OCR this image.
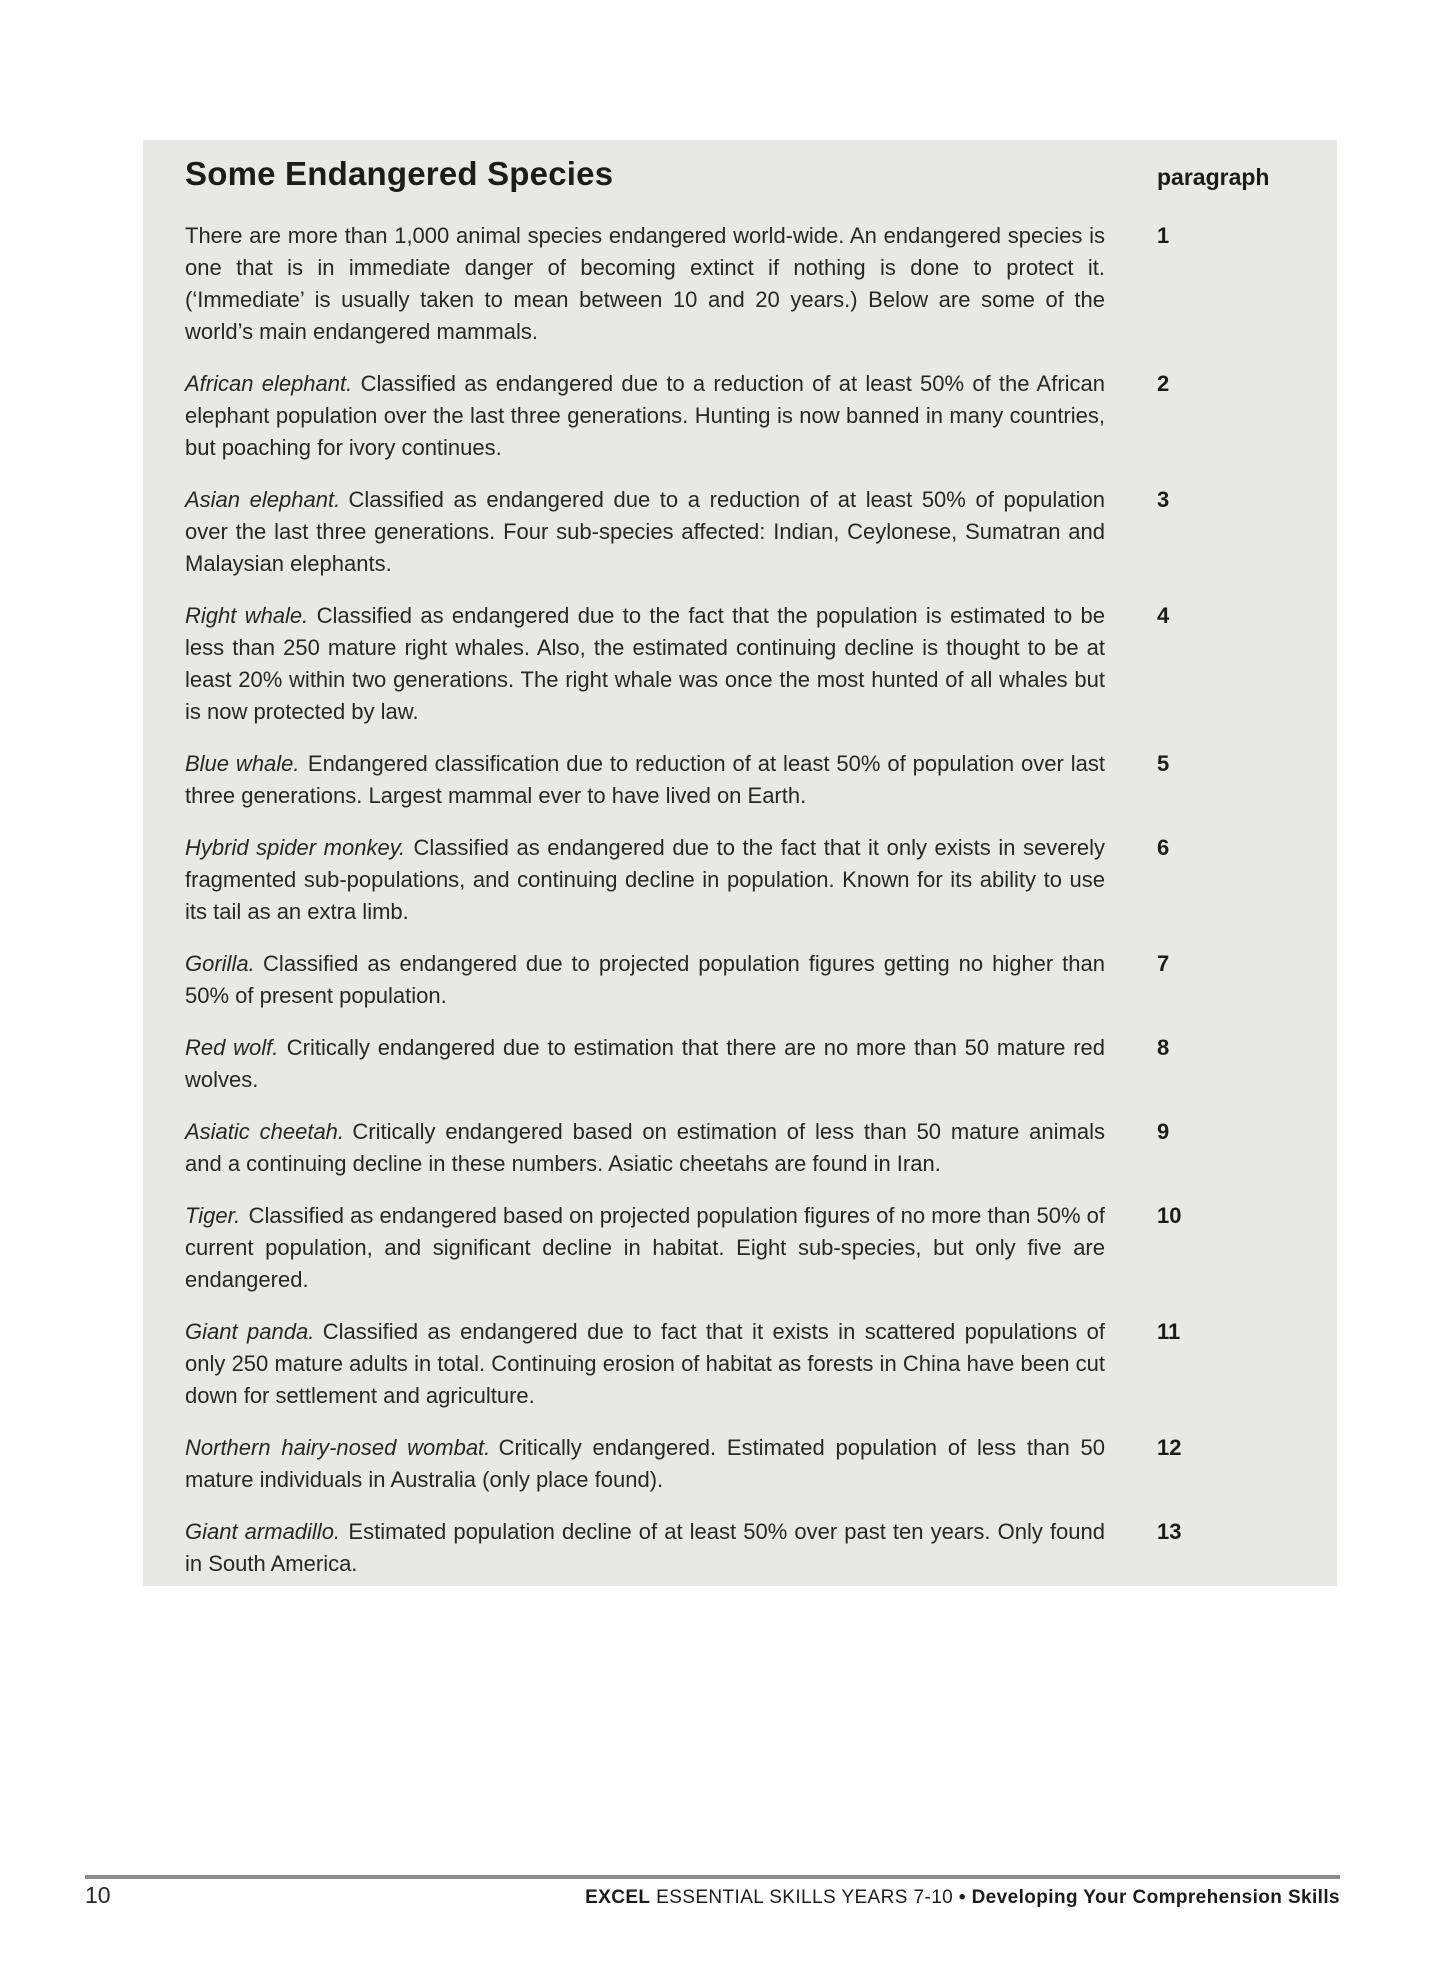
Some Endangered Species	paragraph
There are more than 1,000 animal species endangered world-wide. An endangered species is one that is in immediate danger of becoming extinct if nothing is done to protect it. (‘Immediate’ is usually taken to mean between 10 and 20 years.) Below are some of the world’s main endangered mammals.
1
African elephant. Classified as endangered due to a reduction of at least 50% of the African elephant population over the last three generations. Hunting is now banned in many countries, but poaching for ivory continues.
2
Asian elephant. Classified as endangered due to a reduction of at least 50% of population over the last three generations. Four sub-species affected: Indian, Ceylonese, Sumatran and Malaysian elephants.
3
Right whale. Classified as endangered due to the fact that the population is estimated to be less than 250 mature right whales. Also, the estimated continuing decline is thought to be at least 20% within two generations. The right whale was once the most hunted of all whales but is now protected by law.
4
Blue whale. Endangered classification due to reduction of at least 50% of population over last three generations. Largest mammal ever to have lived on Earth.
5
Hybrid spider monkey. Classified as endangered due to the fact that it only exists in severely fragmented sub-populations, and continuing decline in population. Known for its ability to use its tail as an extra limb.
6
Gorilla. Classified as endangered due to projected population figures getting no higher than 50% of present population.
7
Red wolf. Critically endangered due to estimation that there are no more than 50 mature red wolves.
8
Asiatic cheetah. Critically endangered based on estimation of less than 50 mature animals and a continuing decline in these numbers. Asiatic cheetahs are found in Iran.
9
Tiger. Classified as endangered based on projected population figures of no more than 50% of current population, and significant decline in habitat. Eight sub-species, but only five are endangered.
10
Giant panda. Classified as endangered due to fact that it exists in scattered populations of only 250 mature adults in total. Continuing erosion of habitat as forests in China have been cut down for settlement and agriculture.
11
Northern hairy-nosed wombat. Critically endangered. Estimated population of less than 50 mature individuals in Australia (only place found).
12
Giant armadillo. Estimated population decline of at least 50% over past ten years. Only found in South America.
13
10	EXCEL ESSENTIAL SKILLS YEARS 7-10 • Developing Your Comprehension Skills
